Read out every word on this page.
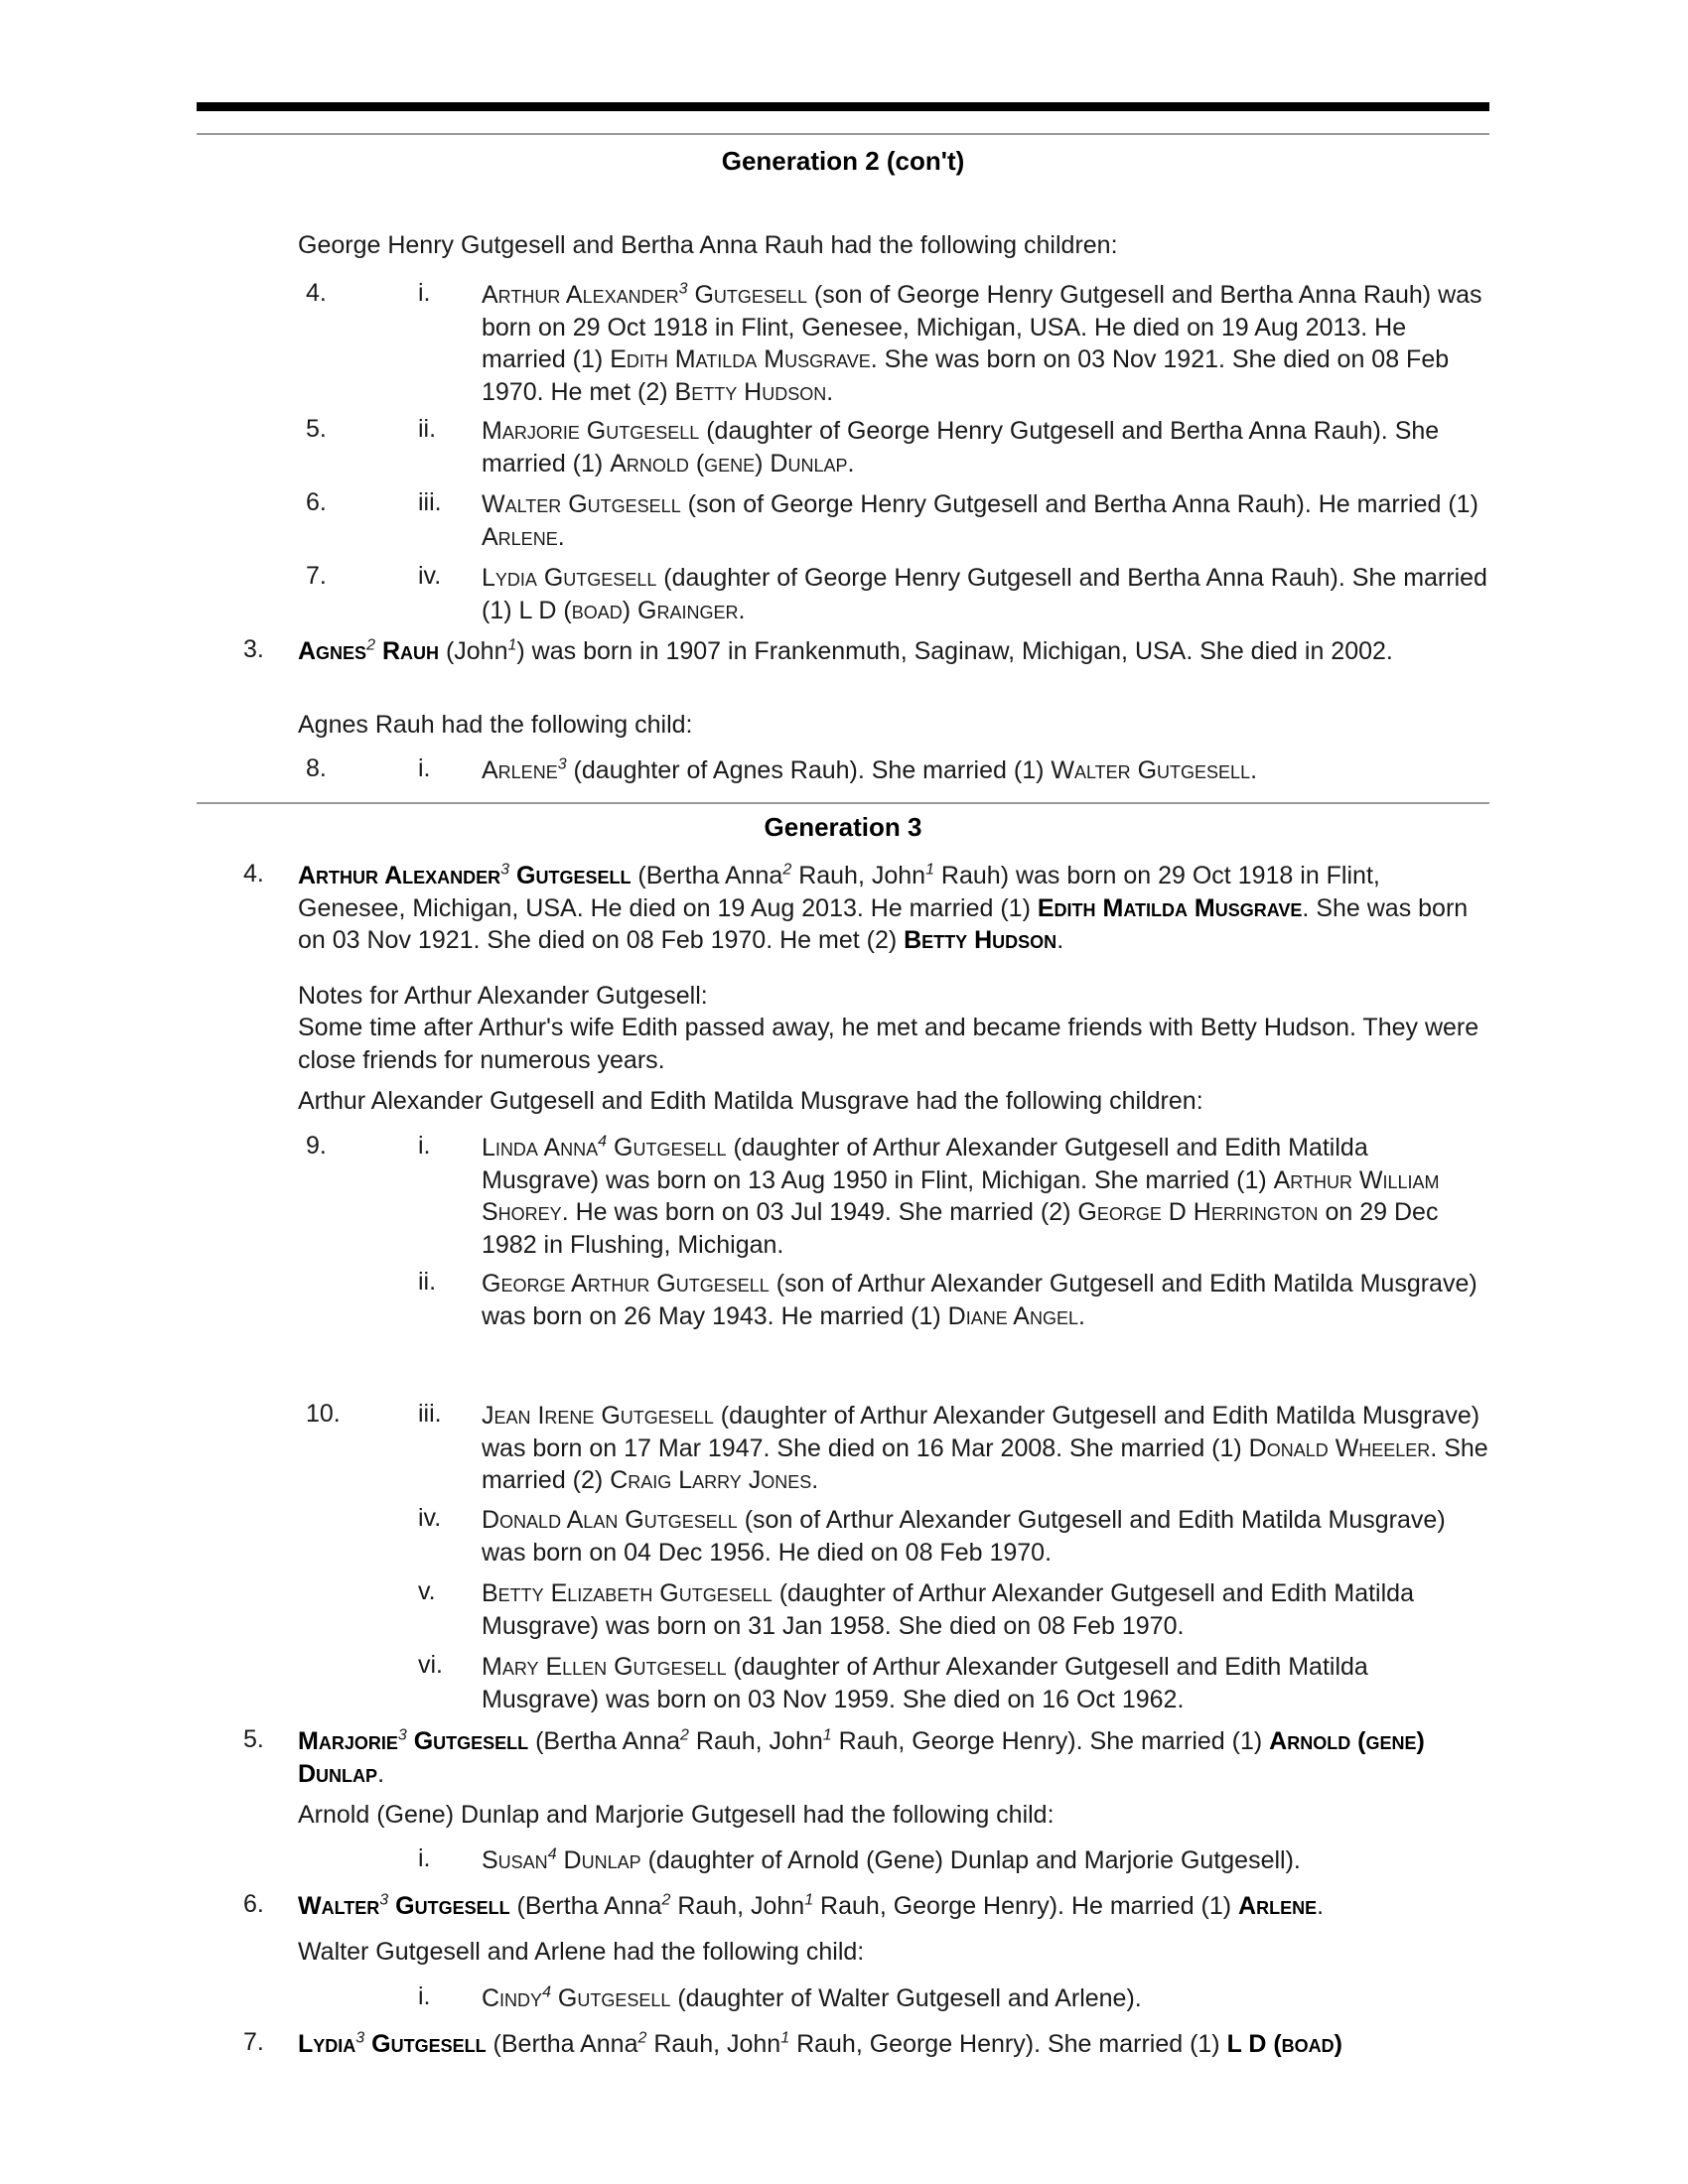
Generation 2 (con't)

George Henry Gutgesell and Bertha Anna Rauh had the following children:

4.	i. Arthur Alexander$^3$ Gutgesell (son of George Henry Gutgesell and Bertha Anna Rauh) was born on 29 Oct 1918 in Flint, Genesee, Michigan, USA. He died on 19 Aug 2013. He married (1) Edith Matilda Musgrave. She was born on 03 Nov 1921. She died on 08 Feb 1970. He met (2) Betty Hudson.

5.	ii. Marjorie Gutgesell (daughter of George Henry Gutgesell and Bertha Anna Rauh). She married (1) Arnold (gene) Dunlap.

6.	iii. Walter Gutgesell (son of George Henry Gutgesell and Bertha Anna Rauh). He married (1) Arlene.

7.	iv. Lydia Gutgesell (daughter of George Henry Gutgesell and Bertha Anna Rauh). She married (1) L D (boad) Grainger.

3. Agnes$^2$ Rauh (John$^1$) was born in 1907 in Frankenmuth, Saginaw, Michigan, USA. She died in 2002.

Agnes Rauh had the following child:

8.	i. Arlene$^3$ (daughter of Agnes Rauh). She married (1) Walter Gutgesell.

Generation 3
4. Arthur Alexander$^3$ Gutgesell (Bertha Anna$^2$ Rauh, John$^1$ Rauh) was born on 29 Oct 1918 in Flint, Genesee, Michigan, USA. He died on 19 Aug 2013. He married (1) Edith Matilda Musgrave. She was born on 03 Nov 1921. She died on 08 Feb 1970. He met (2) Betty Hudson.

Notes for Arthur Alexander Gutgesell:

Some time after Arthur's wife Edith passed away, he met and became friends with Betty Hudson. They were close friends for numerous years.

Arthur Alexander Gutgesell and Edith Matilda Musgrave had the following children:

9.	i. Linda Anna$^4$ Gutgesell (daughter of Arthur Alexander Gutgesell and Edith Matilda Musgrave) was born on 13 Aug 1950 in Flint, Michigan. She married (1) Arthur William Shorey. He was born on 03 Jul 1949. She married (2) George D Herrington on 29 Dec 1982 in Flushing, Michigan.

ii. George Arthur Gutgesell (son of Arthur Alexander Gutgesell and Edith Matilda Musgrave) was born on 26 May 1943. He married (1) Diane Angel.

10.	iii. Jean Irene Gutgesell (daughter of Arthur Alexander Gutgesell and Edith Matilda Musgrave) was born on 17 Mar 1947. She died on 16 Mar 2008. She married (1) Donald Wheeler. She married (2) Craig Larry Jones.

iv. Donald Alan Gutgesell (son of Arthur Alexander Gutgesell and Edith Matilda Musgrave) was born on 04 Dec 1956. He died on 08 Feb 1970.

v. Betty Elizabeth Gutgesell (daughter of Arthur Alexander Gutgesell and Edith Matilda Musgrave) was born on 31 Jan 1958. She died on 08 Feb 1970.

vi. Mary Ellen Gutgesell (daughter of Arthur Alexander Gutgesell and Edith Matilda Musgrave) was born on 03 Nov 1959. She died on 16 Oct 1962.

5. Marjorie$^3$ Gutgesell (Bertha Anna$^2$ Rauh, John$^1$ Rauh, George Henry). She married (1) Arnold (gene) Dunlap.

Arnold (Gene) Dunlap and Marjorie Gutgesell had the following child:

i. Susan$^4$ Dunlap (daughter of Arnold (Gene) Dunlap and Marjorie Gutgesell).

6. Walter$^3$ Gutgesell (Bertha Anna$^2$ Rauh, John$^1$ Rauh, George Henry). He married (1) Arlene.

Walter Gutgesell and Arlene had the following child:

i. Cindy$^4$ Gutgesell (daughter of Walter Gutgesell and Arlene).

7. Lydia$^3$ Gutgesell (Bertha Anna$^2$ Rauh, John$^1$ Rauh, George Henry). She married (1) L D (boad)
